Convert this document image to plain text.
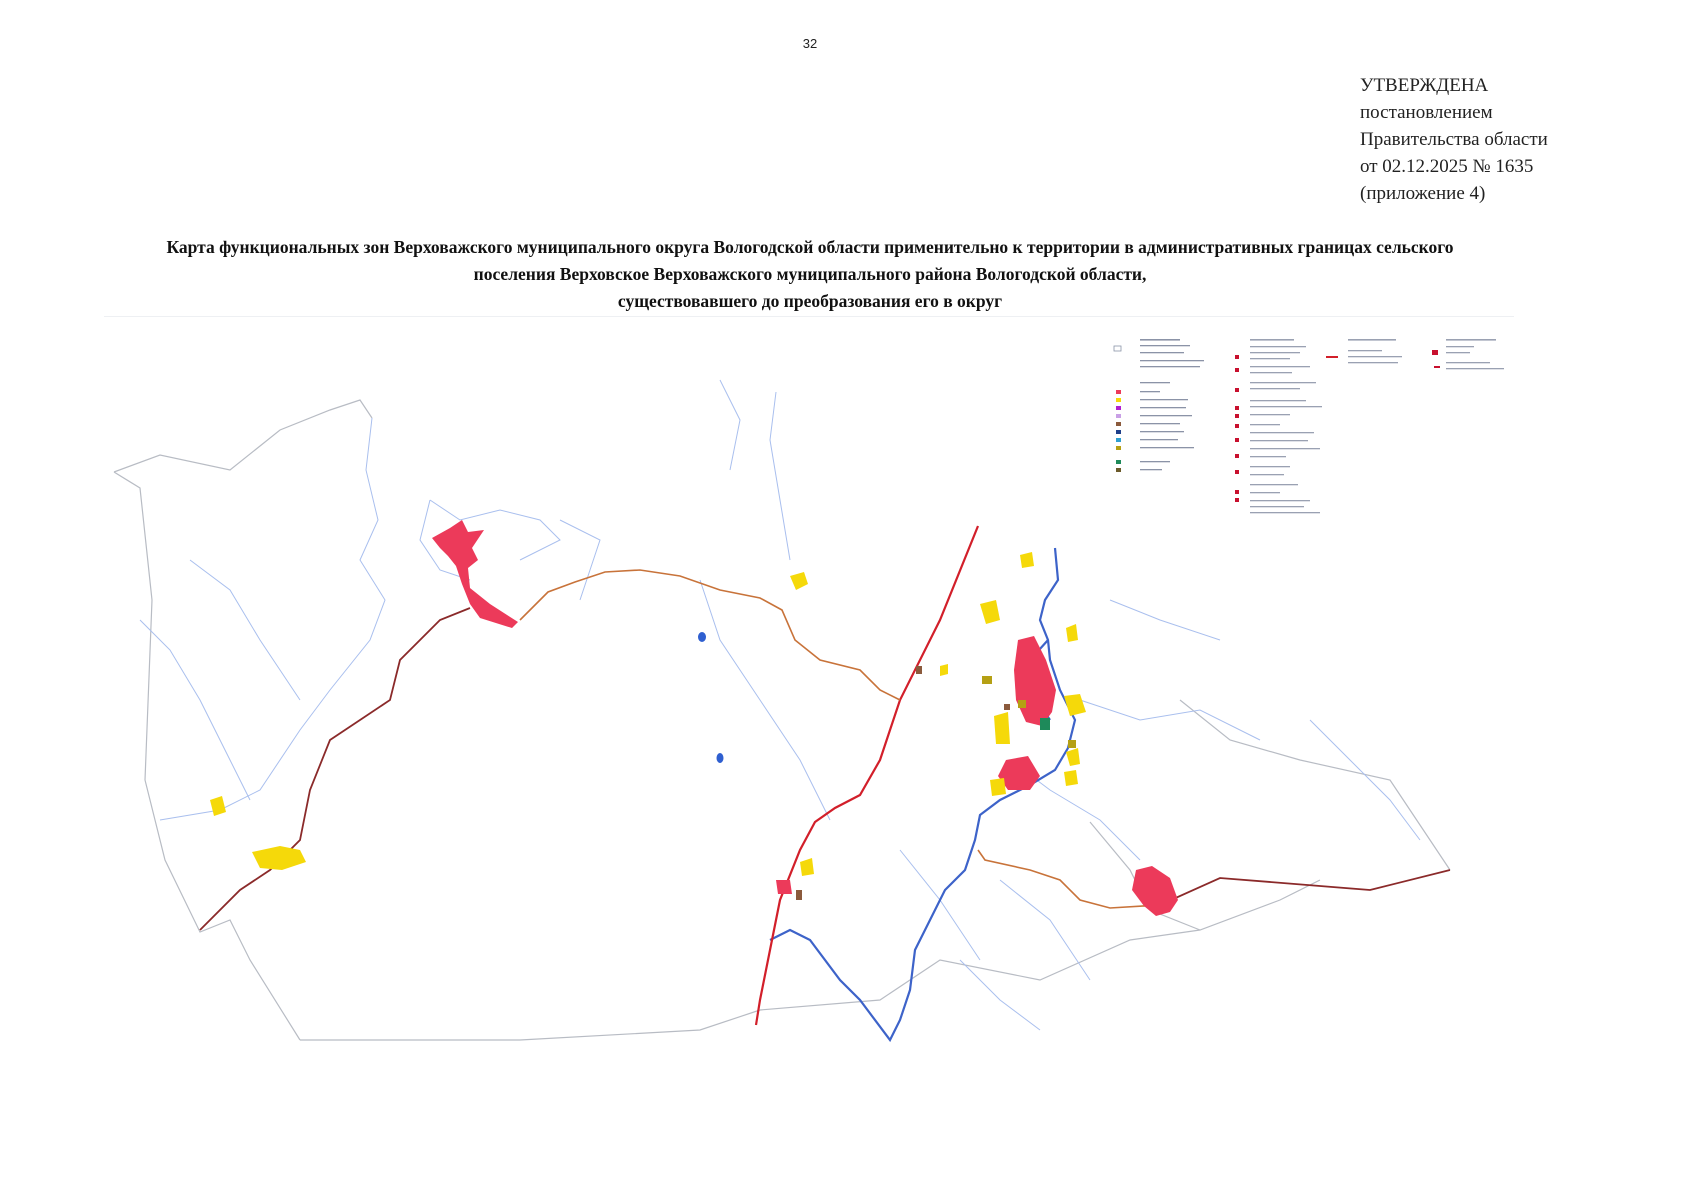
32
УТВЕРЖДЕНА
постановлением
Правительства области
от 02.12.2025 № 1635
(приложение 4)
Карта функциональных зон Верховажского муниципального округа Вологодской области применительно к территории в административных границах сельского
поселения Верховское Верховажского муниципального района Вологодской области,
существовавшего до преобразования его в округ
